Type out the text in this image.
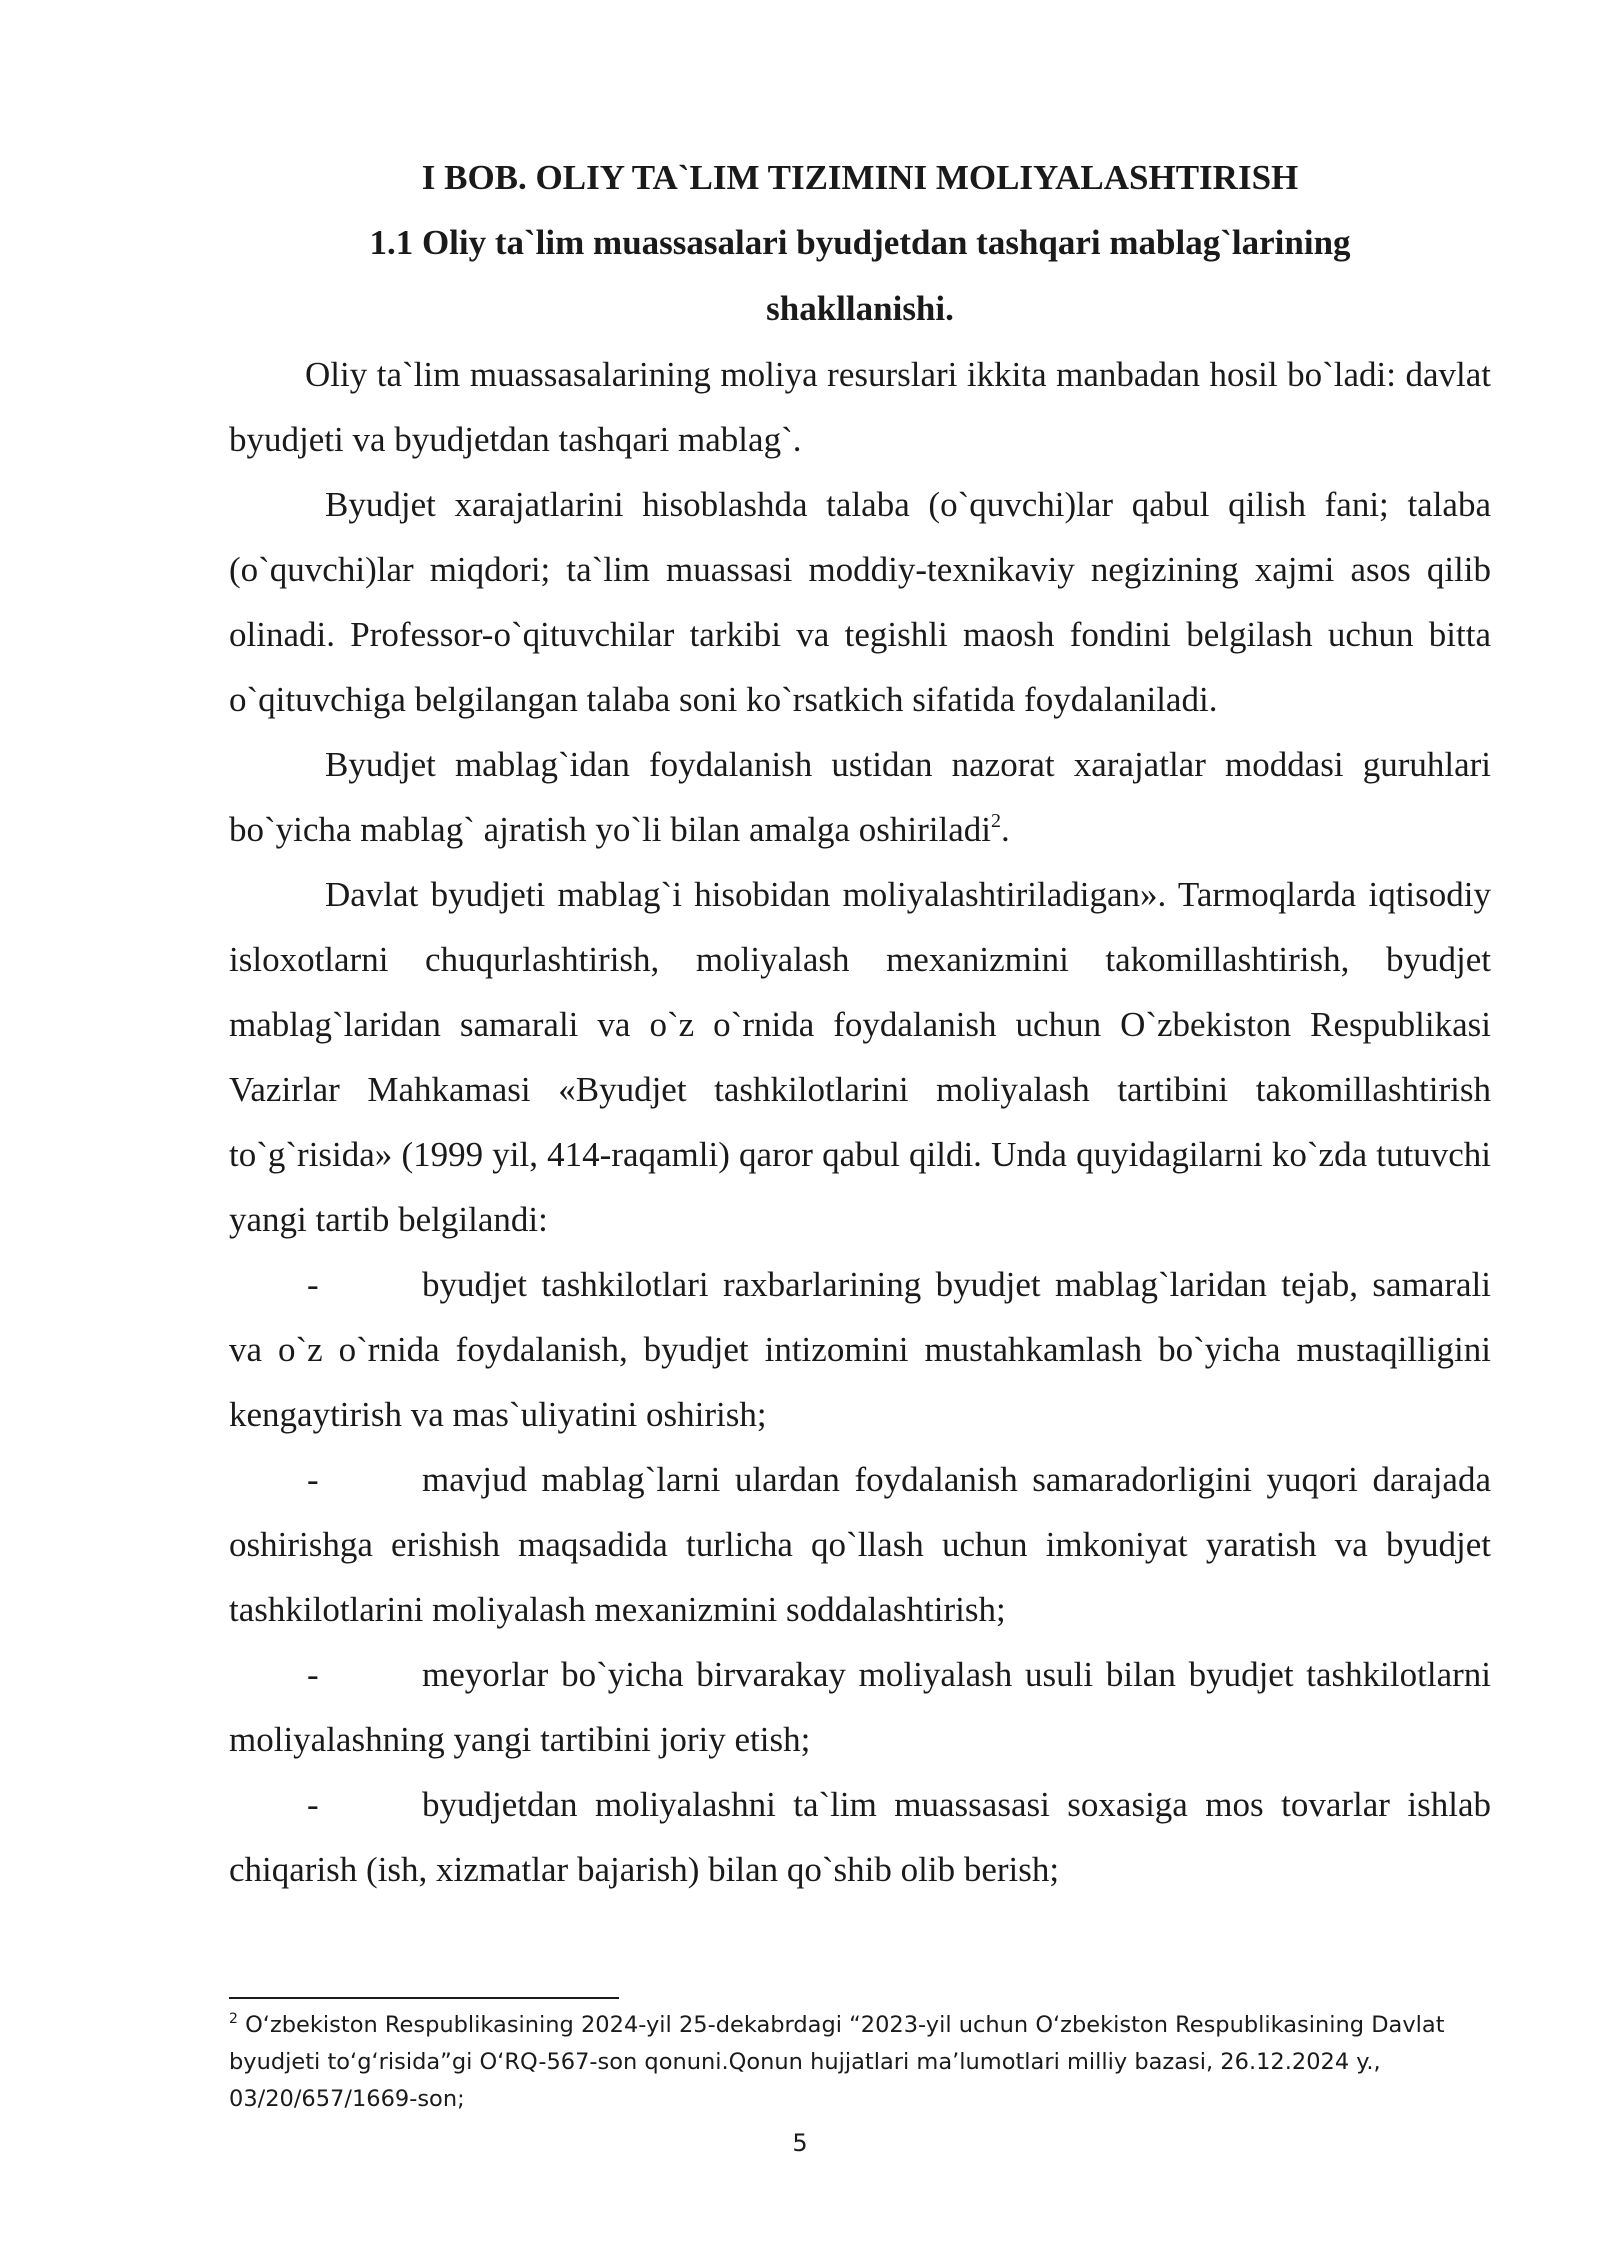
I BOB. OLIY TA`LIM TIZIMINI MOLIYALASHTIRISH
1.1 Oliy ta`lim muassasalari byudjetdan tashqari mablag`larining shakllanishi.

Oliy ta`lim muassasalarining moliya resurslari ikkita manbadan hosil bo`ladi: davlat byudjeti va byudjetdan tashqari mablag`.

Byudjet xarajatlarini hisoblashda talaba (o`quvchi)lar qabul qilish fani; talaba (o`quvchi)lar miqdori; ta`lim muassasi moddiy-texnikaviy negizining xajmi asos qilib olinadi. Professor-o`qituvchilar tarkibi va tegishli maosh fondini belgilash uchun bitta o`qituvchiga belgilangan talaba soni ko`rsatkich sifatida foydalaniladi.

Byudjet mablag`idan foydalanish ustidan nazorat xarajatlar moddasi guruhlari bo`yicha mablag` ajratish yo`li bilan amalga oshiriladi$^2$.

Davlat byudjeti mablag`i hisobidan moliyalashtiriladigan». Tarmoqlarda iqtisodiy isloxotlarni chuqurlashtirish, moliyalash mexanizmini takomillashtirish, byudjet mablag`laridan samarali va o`z o`rnida foydalanish uchun O`zbekiston Respublikasi Vazirlar Mahkamasi «Byudjet tashkilotlarini moliyalash tartibini takomillashtirish to`g`risida» (1999 yil, 414-raqamli) qaror qabul qildi. Unda quyidagilarni ko`zda tutuvchi yangi tartib belgilandi:

-	byudjet tashkilotlari raxbarlarining byudjet mablag`laridan tejab, samarali va o`z o`rnida foydalanish, byudjet intizomini mustahkamlash bo`yicha mustaqilligini kengaytirish va mas`uliyatini oshirish;

-	mavjud mablag`larni ulardan foydalanish samaradorligini yuqori darajada oshirishga erishish maqsadida turlicha qo`llash uchun imkoniyat yaratish va byudjet tashkilotlarini moliyalash mexanizmini soddalashtirish;

-	meyorlar bo`yicha birvarakay moliyalash usuli bilan byudjet tashkilotlarni moliyalashning yangi tartibini joriy etish;

-	byudjetdan moliyalashni ta`lim muassasasi soxasiga mos tovarlar ishlab chiqarish (ish, xizmatlar bajarish) bilan qo`shib olib berish;

$^2$ O‘zbekiston Respublikasining 2024-yil 25-dekabrdagi “2023-yil uchun O‘zbekiston Respublikasining Davlat byudjeti to‘g‘risida”gi O‘RQ-567-son qonuni.Qonun hujjatlari ma’lumotlari milliy bazasi, 26.12.2024 y., 03/20/657/1669-son;
5
